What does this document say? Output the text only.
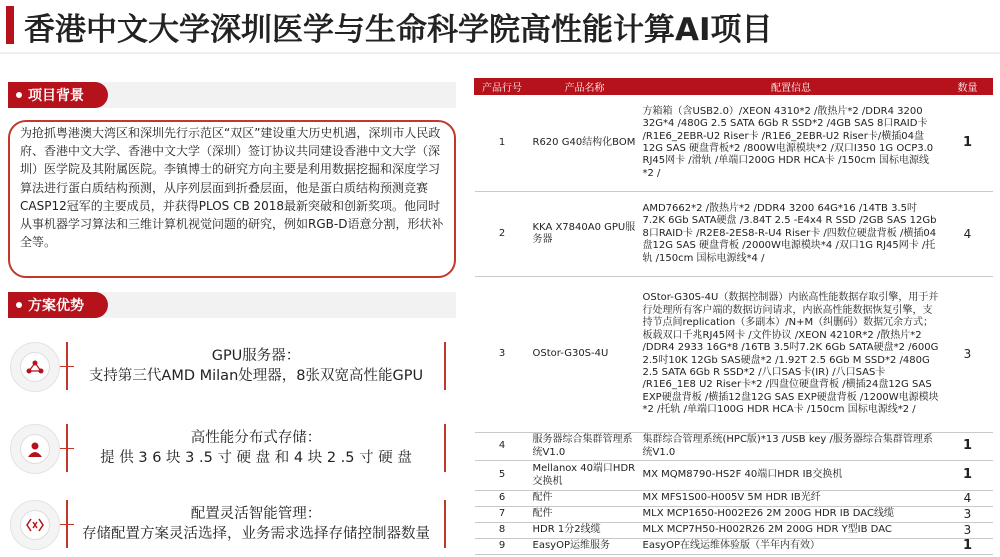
香港中文大学深圳医学与生命科学院高性能计算AI项目
项目背景

为抢抓粤港澳大湾区和深圳先行示范区“双区”建设重大历史机遇，深圳市人民政府、香港中文大学、香港中文大学（深圳）签订协议共同建设香港中文大学（深圳）医学院及其附属医院。李镇博士的研究方向主要是利用数据挖掘和深度学习算法进行蛋白质结构预测，从序列层面到折叠层面，他是蛋白质结构预测竞赛CASP12冠军的主要成员，并获得PLOS CB 2018最新突破和创新奖项。他同时从事机器学习算法和三维计算机视觉问题的研究，例如RGB-D语意分割，形状补全等。

方案优势
GPU服务器：
支持第三代AMD Milan处理器，8张双宽高性能GPU
高性能分布式存储：
提 供 3 6 块 3 .5 寸 硬 盘 和 4 块 2 .5 寸 硬 盘
配置灵活智能管理：
存储配置方案灵活选择，业务需求选择存储控制器数量
产品行号	产品名称	配置信息	数量
1	R620 G40结构化BOM	方箱箱（含USB2.0）/XEON 4310*2 /散热片*2 /DDR4 3200 32G*4 /480G 2.5 SATA 6Gb R SSD*2 /4GB SAS 8口RAID卡 /R1E6_2EBR-U2 Riser卡 /R1E6_2EBR-U2 Riser卡/横插04盘12G SAS 硬盘背板*2 /800W电源模块*2 /双口I350 1G OCP3.0 RJ45网卡 /滑轨 /单端口200G HDR HCA卡 /150cm 国标电源线*2 /	1
2	KKA X7840A0 GPU服务器	AMD7662*2 /散热片*2 /DDR4 3200 64G*16 /14TB 3.5吋 7.2K 6Gb SATA硬盘 /3.84T 2.5 -E4x4 R SSD /2GB SAS 12Gb 8口RAID卡 /R2E8-2ES8-R-U4 Riser卡 /四数位硬盘背板 /横插04盘12G SAS 硬盘背板 /2000W电源模块*4 /双口1G RJ45网卡 /托轨 /150cm 国标电源线*4 /	4
3	OStor-G30S-4U	OStor-G30S-4U（数据控制器）内嵌高性能数据存取引擎，用于并行处理所有客户端的数据访问请求，内嵌高性能数据恢复引擎，支持节点间replication（多副本）/N+M（纠删码）数据冗余方式；板载双口千兆RJ45网卡 /文件协议 /XEON 4210R*2 /散热片*2 /DDR4 2933 16G*8 /16TB 3.5吋7.2K 6Gb SATA硬盘*2 /600G 2.5吋10K 12Gb SAS硬盘*2 /1.92T 2.5 6Gb M SSD*2 /480G 2.5 SATA 6Gb R SSD*2 /八口SAS卡(IR) /八口SAS卡 /R1E6_1E8 U2 Riser卡*2 /四盘位硬盘背板 /横插24盘12G SAS EXP硬盘背板 /横插12盘12G SAS EXP硬盘背板 /1200W电源模块*2 /托轨 /单端口100G HDR HCA卡 /150cm 国标电源线*2 /	3
4	服务器综合集群管理系统V1.0	集群综合管理系统(HPC版)*13 /USB key /服务器综合集群管理系统V1.0	1
5	Mellanox 40端口HDR交换机	MX MQM8790-HS2F 40端口HDR IB交换机	1
6	配件	MX MFS1S00-H005V 5M HDR IB光纤	4
7	配件	MLX MCP1650-H002E26 2M 200G HDR IB DAC线缆	3
8	HDR 1分2线缆	MLX MCP7H50-H002R26 2M 200G HDR Y型IB DAC	3
9	EasyOP运维服务	EasyOP在线运维体验版（半年内有效）	1
